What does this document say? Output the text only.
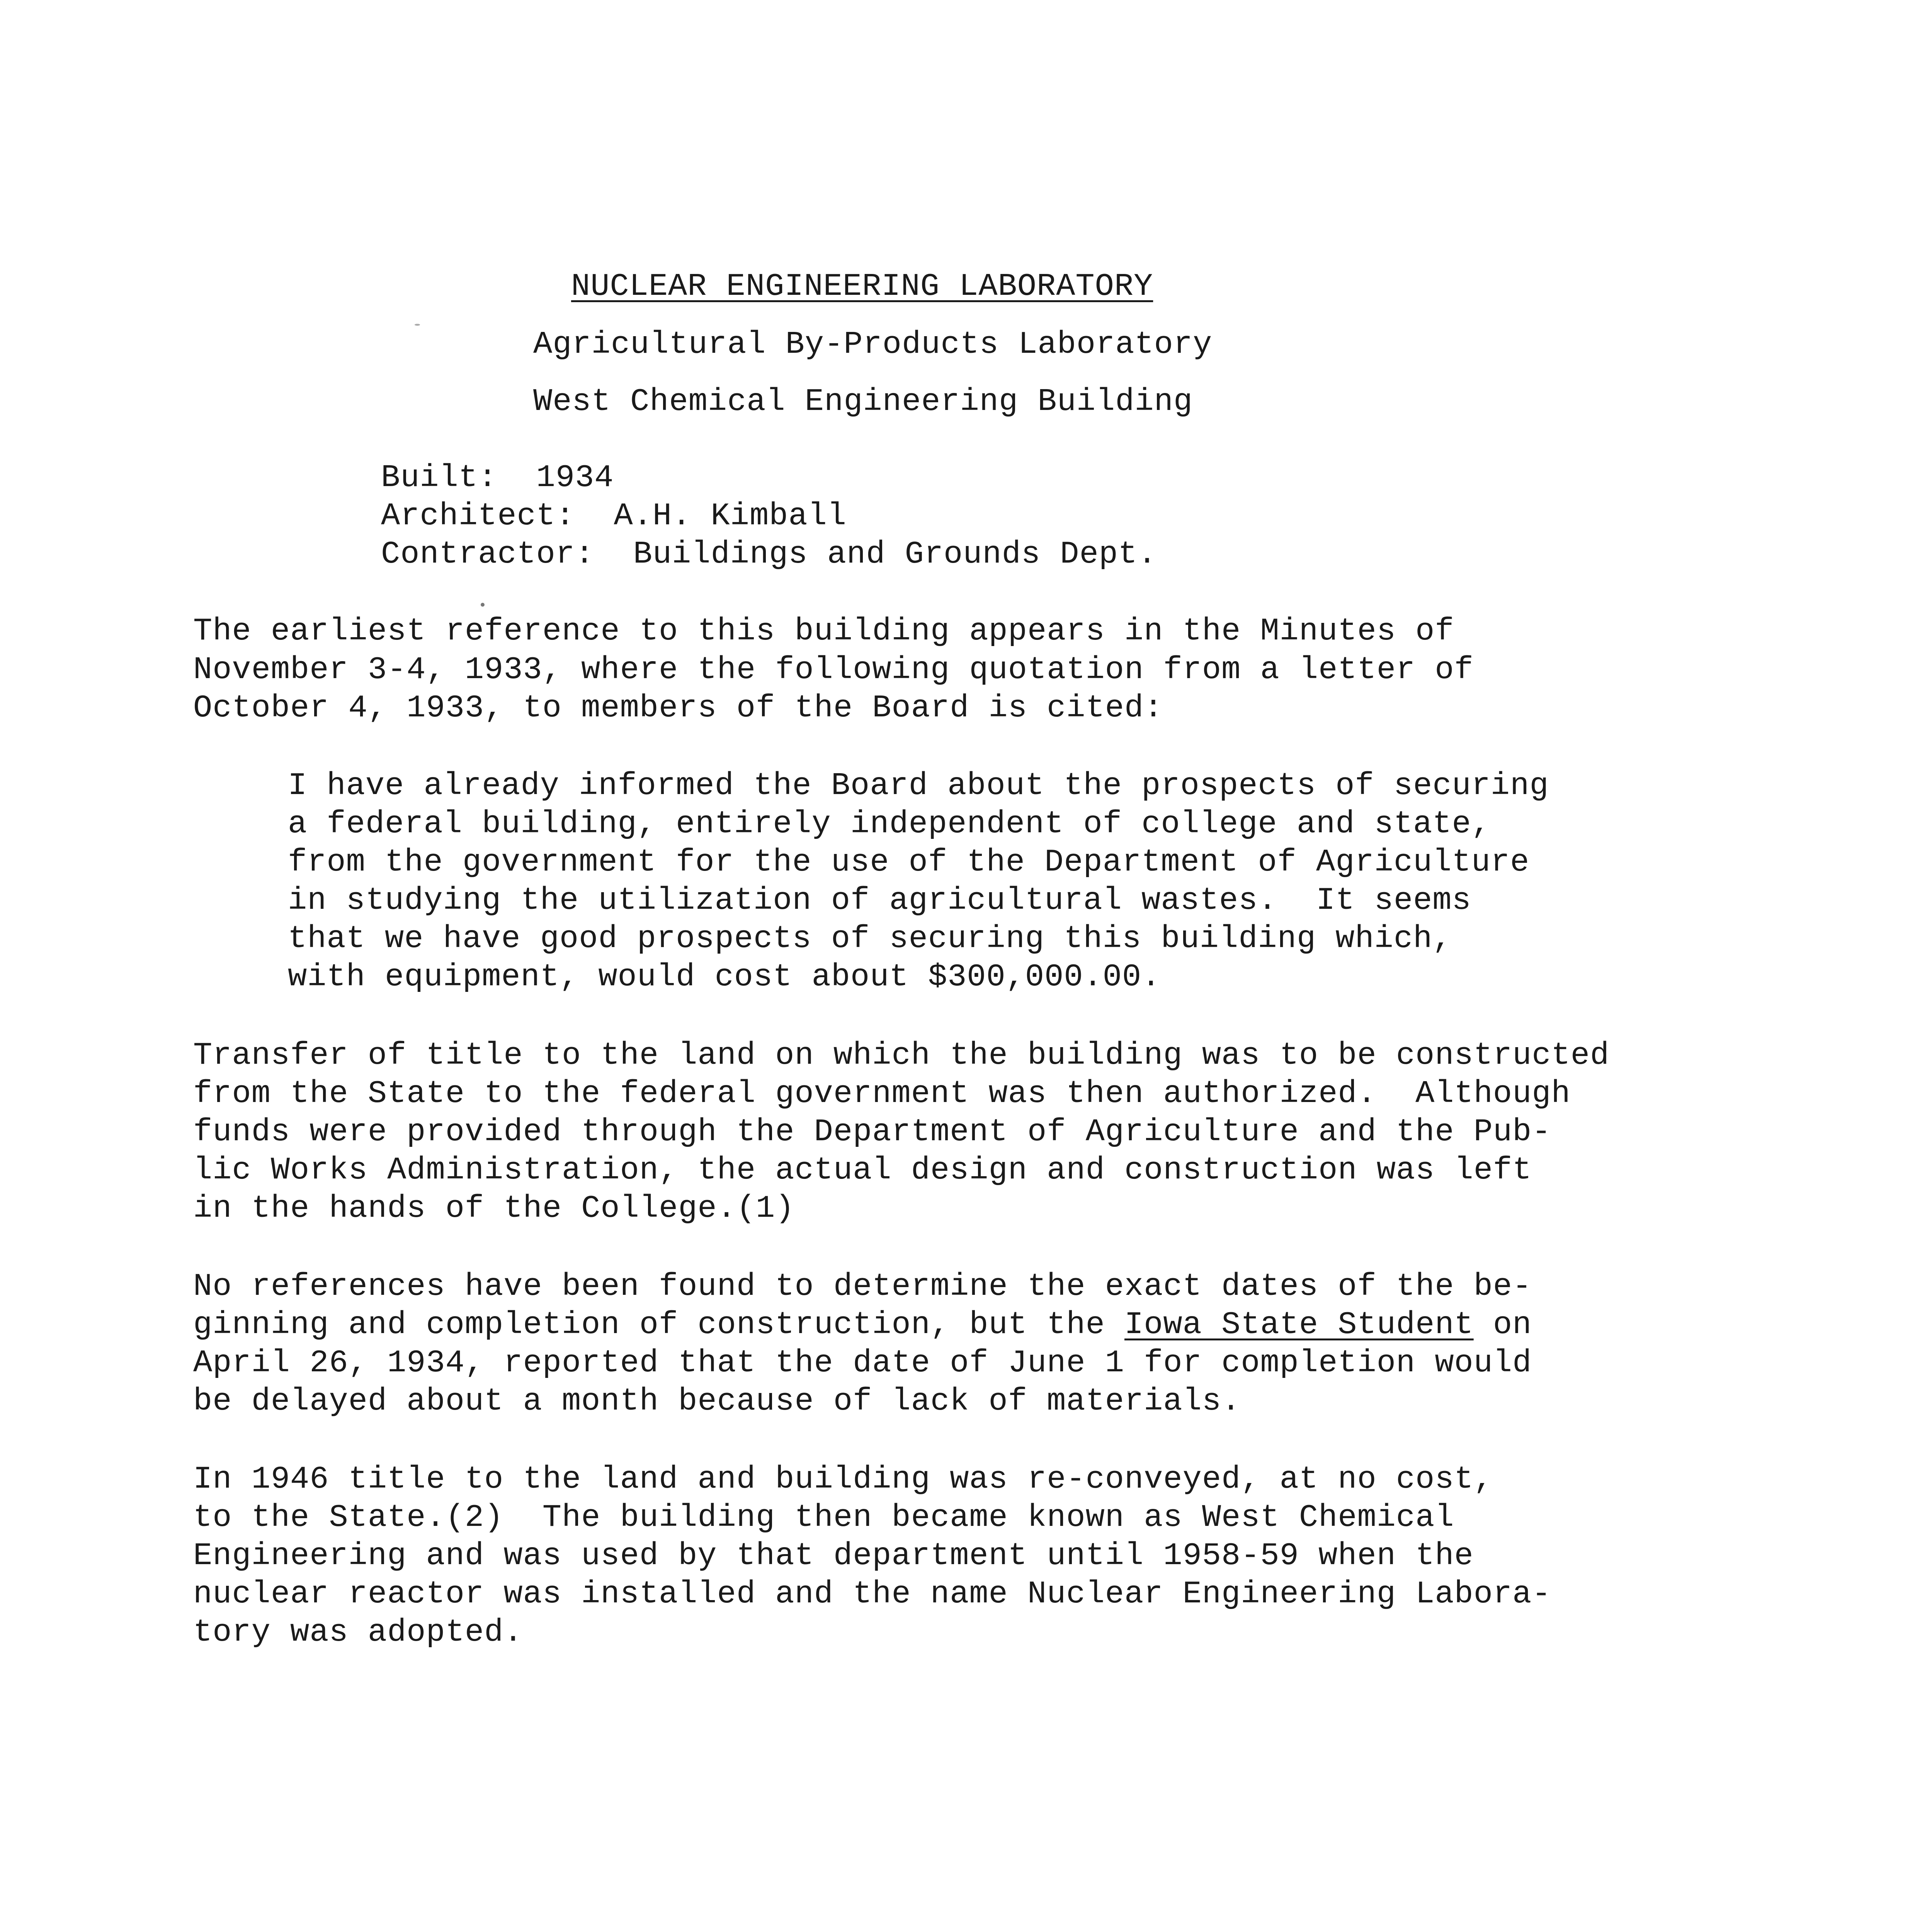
NUCLEAR ENGINEERING LABORATORY
Agricultural By-Products Laboratory
West Chemical Engineering Building
Built: 1934
Architect: A.H. Kimball
Contractor: Buildings and Grounds Dept.
The earliest reference to this building appears in the Minutes of
November 3-4, 1933, where the following quotation from a letter of
October 4, 1933, to members of the Board is cited:
I have already informed the Board about the prospects of securing
a federal building, entirely independent of college and state,
from the government for the use of the Department of Agriculture
in studying the utilization of agricultural wastes.  It seems
that we have good prospects of securing this building which,
with equipment, would cost about $300,000.00.
Transfer of title to the land on which the building was to be constructed
from the State to the federal government was then authorized.  Although
funds were provided through the Department of Agriculture and the Pub-
lic Works Administration, the actual design and construction was left
in the hands of the College.(1)
No references have been found to determine the exact dates of the be-
ginning and completion of construction, but the Iowa State Student on
April 26, 1934, reported that the date of June 1 for completion would
be delayed about a month because of lack of materials.
In 1946 title to the land and building was re-conveyed, at no cost,
to the State.(2)  The building then became known as West Chemical
Engineering and was used by that department until 1958-59 when the
nuclear reactor was installed and the name Nuclear Engineering Labora-
tory was adopted.
